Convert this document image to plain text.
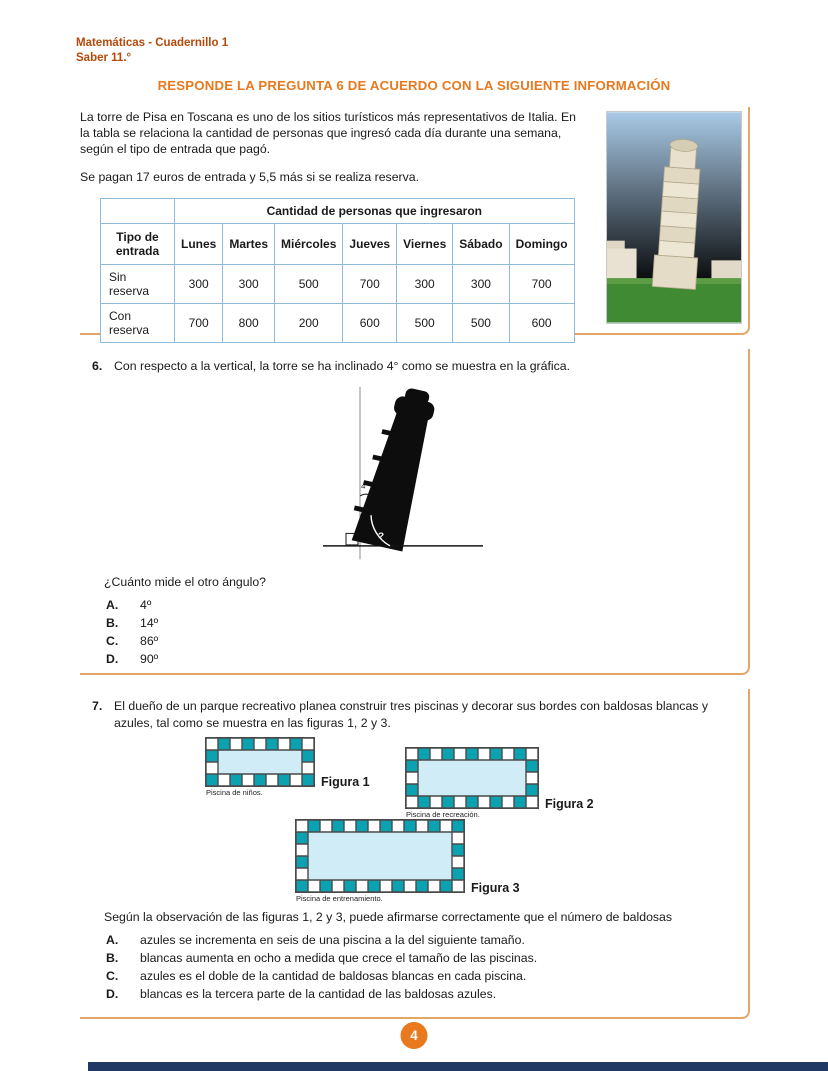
Matemáticas - Cuadernillo 1
Saber 11.°
RESPONDE LA PREGUNTA 6 DE ACUERDO CON LA SIGUIENTE INFORMACIÓN

La torre de Pisa en Toscana es uno de los sitios turísticos más representativos de Italia. En la tabla se relaciona la cantidad de personas que ingresó cada día durante una semana, según el tipo de entrada que pagó.

Se pagan 17 euros de entrada y 5,5 más si se realiza reserva.

	Cantidad de personas que ingresaron						
Tipo de entrada	Lunes	Martes	Miércoles	Jueves	Viernes	Sábado	Domingo
Sin reserva	300	300	500	700	300	300	700
Con reserva	700	800	200	600	500	500	600
6. Con respecto a la vertical, la torre se ha inclinado 4° como se muestra en la gráfica.
4°
?

¿Cuánto mide el otro ángulo?

A.	4º
B.	14º
C.	86º
D.	90º
7. El dueño de un parque recreativo planea construir tres piscinas y decorar sus bordes con baldosas blancas y azules, tal como se muestra en las figuras 1, 2 y 3.
Piscina de niños.
Figura 1
Piscina de recreación.
Figura 2
Piscina de entrenamiento.
Figura 3

Según la observación de las figuras 1, 2 y 3, puede afirmarse correctamente que el número de baldosas

A.	azules se incrementa en seis de una piscina a la del siguiente tamaño.
B.	blancas aumenta en ocho a medida que crece el tamaño de las piscinas.
C.	azules es el doble de la cantidad de baldosas blancas en cada piscina.
D.	blancas es la tercera parte de la cantidad de las baldosas azules.
4
